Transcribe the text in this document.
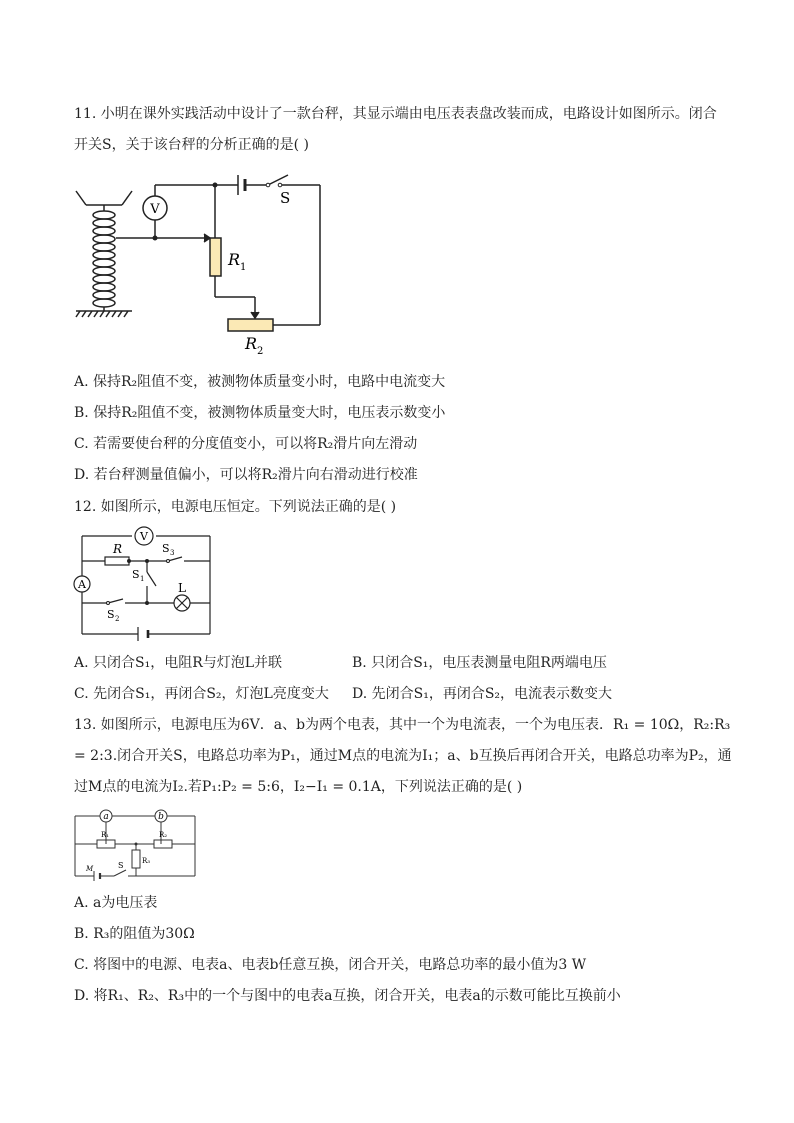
11. 小明在课外实践活动中设计了一款台秤，其显示端由电压表表盘改装而成，电路设计如图所示。闭合
开关S，关于该台秤的分析正确的是( )
V
S
R 1
R 2
A. 保持R₂阻值不变，被测物体质量变小时，电路中电流变大
B. 保持R₂阻值不变，被测物体质量变大时，电压表示数变小
C. 若需要使台秤的分度值变小，可以将R₂滑片向左滑动
D. 若台秤测量值偏小，可以将R₂滑片向右滑动进行校准
12. 如图所示，电源电压恒定。下列说法正确的是( )
V
A
R
L
S 3
S 1
S 2
A. 只闭合S₁，电阻R与灯泡L并联	B. 只闭合S₁，电压表测量电阻R两端电压
C. 先闭合S₁，再闭合S₂，灯泡L亮度变大 D. 先闭合S₁，再闭合S₂，电流表示数变大
13. 如图所示，电源电压为6V．a、b为两个电表，其中一个为电流表，一个为电压表．R₁ = 10Ω，R₂:R₃
= 2:3.闭合开关S，电路总功率为P₁，通过M点的电流为I₁；a、b互换后再闭合开关，电路总功率为P₂，通
过M点的电流为I₂.若P₁:P₂ = 5:6，I₂−I₁ = 0.1A，下列说法正确的是( )
a	b
R₁	R₂
R₃
M	S
A. a为电压表
B. R₃的阻值为30Ω
C. 将图中的电源、电表a、电表b任意互换，闭合开关，电路总功率的最小值为3 W
D. 将R₁、R₂、R₃中的一个与图中的电表a互换，闭合开关，电表a的示数可能比互换前小
